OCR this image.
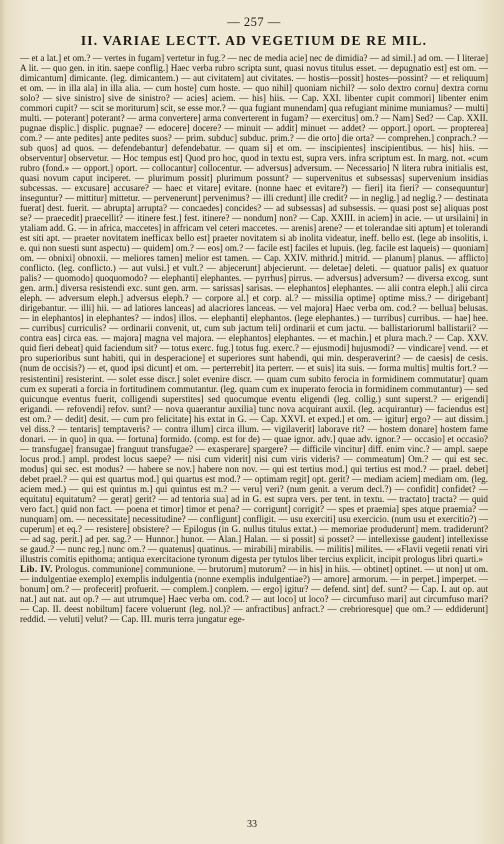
— 257 —
II. VARIAE LECTT. AD VEGETIUM DE RE MIL.

— et a lat.] et om.? — vertes in fugam] vertetur in fug.? — nec de media acie] nec de dimidia? — ad simil.] ad om. — I literae] A lit. — quo gen. in itin. saepe conflig.] Haec verba rubro scripta sunt, quasi novus titulus esset. — depugnatio est] est om. — dimicantum] dimicante. (leg. dimicantem.) — aut civitatem] aut civitates. — hostis—possit] hostes—possint? — et reliquum] et om. — in illa ala] in illa alia. — cum hoste] cum hoste. — quo nihil] quoniam nichil? — solo dextro cornu] dextra cornu solo? — sive sinistro] sive de sinistro? — acies] aciem. — his] hiis. — Cap. XXI. libenter cupit commori] libenter enim commori cupit? — scit se moriturum] scit, se esse mor.? — qua fugiant munendam] qua refugiant minime muniamus? — multi] multi. — poterant] poterant? — arma convertere] arma converterent in fugam? — exercitus] om.? — Nam] Sed? — Cap. XXII. pugnae displic.] displic. pugnae? — edocere] docere? — minuit — addit] minuet — addet? — opport.] oport. — propterea] com.? — ante pedites] ante pedites suos? — prim. subduc] subduc. prim.? — die orto] die orta? — comprehen.] conprach.? — sub quos] ad quos. — defendebantur] defendebatur. — quam si] et om. — inscipientes] inscipientibus. — his] hiis. — observentur] observetur. — Hoc tempus est] Quod pro hoc, quod in textu est, supra vers. infra scriptum est. In marg. not. «cum rubro (fond.» — opport.] oport. — collocantur] collocentur. — adversus] adversum. — Necessario] N litera rubra initialis est, quasi novum caput inciperet. — plurimum possit] plurimum possunt? — supervenitus et subsessas] supervenium insidias subcessas. — excusare] accusare? — haec et vitare] evitare. (nonne haec et evitare?) — fieri] ita fieri? — consequuntur] inseguntur? — mittitur] mittetur. — pervenerunt] pervenimus? — illi credunt] ille credit? — in neglig.] ad neglig.? — destinata fuerat] dest. fuerit. — abrupta] arrupta? — concaedes] concides? — ad subsessas] ad subsessis. — quasi post se] aliquas post se? — praecedit] praecellit? — itinere fest.] fest. itinere? — nondum] non? — Cap. XXIII. in aciem] in acie. — ut ursilaini] in ytaliam add. G. — in africa, maccetes] in affricam vel ceteri maccetes. — arenis] arene? — et tolerandae siti aptum] et tolerandi est siti apt. — praeter novitatem inefficax bello est] praeter novitatem si ab inolita videatur, ineff. bello est. (lege ab insolitis, i. e. qui non suesti sunt aspectu) — quidem] om.? — eos] om.? — facile est] faciles et lupuis. (leg. facile est laqueis) — quoniam] om. — obnixi] obnoxii. — meliores tamen] melior est tamen. — Cap. XXIV. mithrid.] mitrid. — planum] planus. — afflicto] conflicto. (leg. conflicto.) — aut vulsi.] et vult.? — abjecerunt] abjecierunt. — deletae] deleti. — quatuor palis] ex quatuor palis? — quomodo] quoquomodo? — elephanti] elephantes. — pyrrhus] pirrus. — adversus] adversum? — diversa excog. sunt gen. arm.] diversa resistendi exc. sunt gen. arm. — sarissas] sarisas. — elephantos] elephantes. — alii contra eleph.] alii circa eleph. — adversum eleph.] adversus eleph.? — corpore al.] et corp. al.? — missilia optime] optime miss.? — dirigebant] dirigebantur. — illi] hii. — ad latiores lanceas] ad alacriores lanceas. — vel majora] Haec verba om. cod.? — bellua] belusas. — in elephantos] in elephantes? — indos] illos. — elephanti] elephantos. (lege elephantes.) — turribus] curribus. — hae] hee. — curribus] curriculis? — ordinarii convenit, ut, cum sub jactum teli] ordinarii et cum jactu. — ballistarioruml ballistarii? — contra eas] circa eas. — majora] magna vel majora. — elephantos] elephantes. — et machin.] et plura mach.? — Cap. XXV. quid fieri debeat] quid faciendum sit? — totus exerc. fug.] totus fug. exerc.? — ejusmodi] hujusmodi? — vindicare] vend. — et pro superioribus sunt habiti, qui in desperacione] et superiores sunt habendi, qui min. desperaverint? — de caesis] de cesis. (num de occisis?) — et, quod ipsi dicunt] et om. — perterrebit] ita perterr. — et suis] ita suis. — forma multis] multis fort.? — resistentini] resisterint. — solet esse discr.] solet evenire discr. — quam cum subito ferocia in formidinem commutatur] quam cum ex superati a forcia in fortitudinem commutantur. (leg. quam cum ex inuperato ferocia in formidinem commutantur) — sed quicunque eventus fuerit, colligendi superstites] sed quocumque eventu eligendi (leg. collig.) sunt superst.? — erigendi] erigandi. — refovendi] refov. sunt? — nova quaerantur auxilia] tunc nova acquirant auxil. (leg. acquirantur) — faciendus est] est om.? — dedit] desit. — cum pro felicitate] his extat in G. — Cap. XXVI. et exped.] et om. — igitur] ergo? — aut dissim.] vel diss.? — tentaris] temptaveris? — contra illum] circa illum. — vigilaverit] laborave rit? — hostem donare] hostem fame donari. — in quo] in qua. — fortuna] formido. (comp. est for de) — quae ignor. adv.] quae adv. ignor.? — occasio] et occasio? — transfugae] fransugae] franguut transfugae? — exasperare] spargere? — difficile vincitur] diff. enim vinc.? — ampl. saepe locus prod.] ampl. prodest locus saepe? — nisi cum viderit] nisi cum viris videris? — commeatum] Om.? — qui est sec. modus] qui sec. est modus? — habere se nov.] habere non nov. — qui est tertius mod.] qui tertius est mod.? — prael. debet] debet prael.? — qui est quartus mod.] qui quartus est mod.? — optimam regit] opt. gerit? — mediam aciem] mediam om. (leg. aciem med.) — qui est quintus m.] qui quintus est m.? — veru] veri? (num genit. a verum decl.?) — confidit] confidet? — equitatu] equitatum? — gerat] gerit? — ad tentoria sua] ad in G. est supra vers. per tent. in textu. — tractato] tracta? — quid vero fact.] quid non fact. — poena et timor] timor et pena? — corrigunt] corrigit? — spes et praemia] spes atque praemia? — nunquam] om. — necessitate] necessitudine? — confligunt] confligit. — usu exerciti] usu exercicio. (num usu et exercitio?) — cuperum] et eq.? — resistere] obsistere? — Epilogus (in G. nullus titulus extat.) — memoriae produderunt] mem. tradiderunt? — ad sag. perit.] ad per. sag.? — Hunnor.] hunor. — Alan.] Halan. — si possit] si posset? — intellexisse gaudent] intellexisse se gaud.? — nunc reg.] nunc om.? — quatenus] quatinus. — mirabili] mirabilis. — militis] milites. — «Flavii vegetii renati viri illustris comitis epithoma; antiqua exercitacione tyronum digesta per tytulos liber tercius explicit, incipit prologus libri quarti.»

Lib. IV. Prologus. communione] communione. — brutorum] mutorum? — in his] in hiis. — obtinet] optinet. — ut non] ut om. — indulgentiae exemplo] exemplis indulgentia (nonne exemplis indulgentiae?) — amore] armorum. — in perpet.] imperpet. — bonum] om.? — profecerit] profuerit. — complem.] conplem. — ergo] igitur? — defend. sint] def. sunt? — Cap. I. aut op. aut nat.] aut nat. aut op.? — aut utrumque] Haec verba om. cod.? — aut loco] ut loco? — circumfuso mari] aut circumfuso mari? — Cap. II. deest nobiltum] facere voluerunt (leg. nol.)? — anfractibus] anfract.? — crebrioresque] que om.? — eddiderunt] reddid. — veluti] velut? — Cap. III. muris terra jungatur ege-

33
